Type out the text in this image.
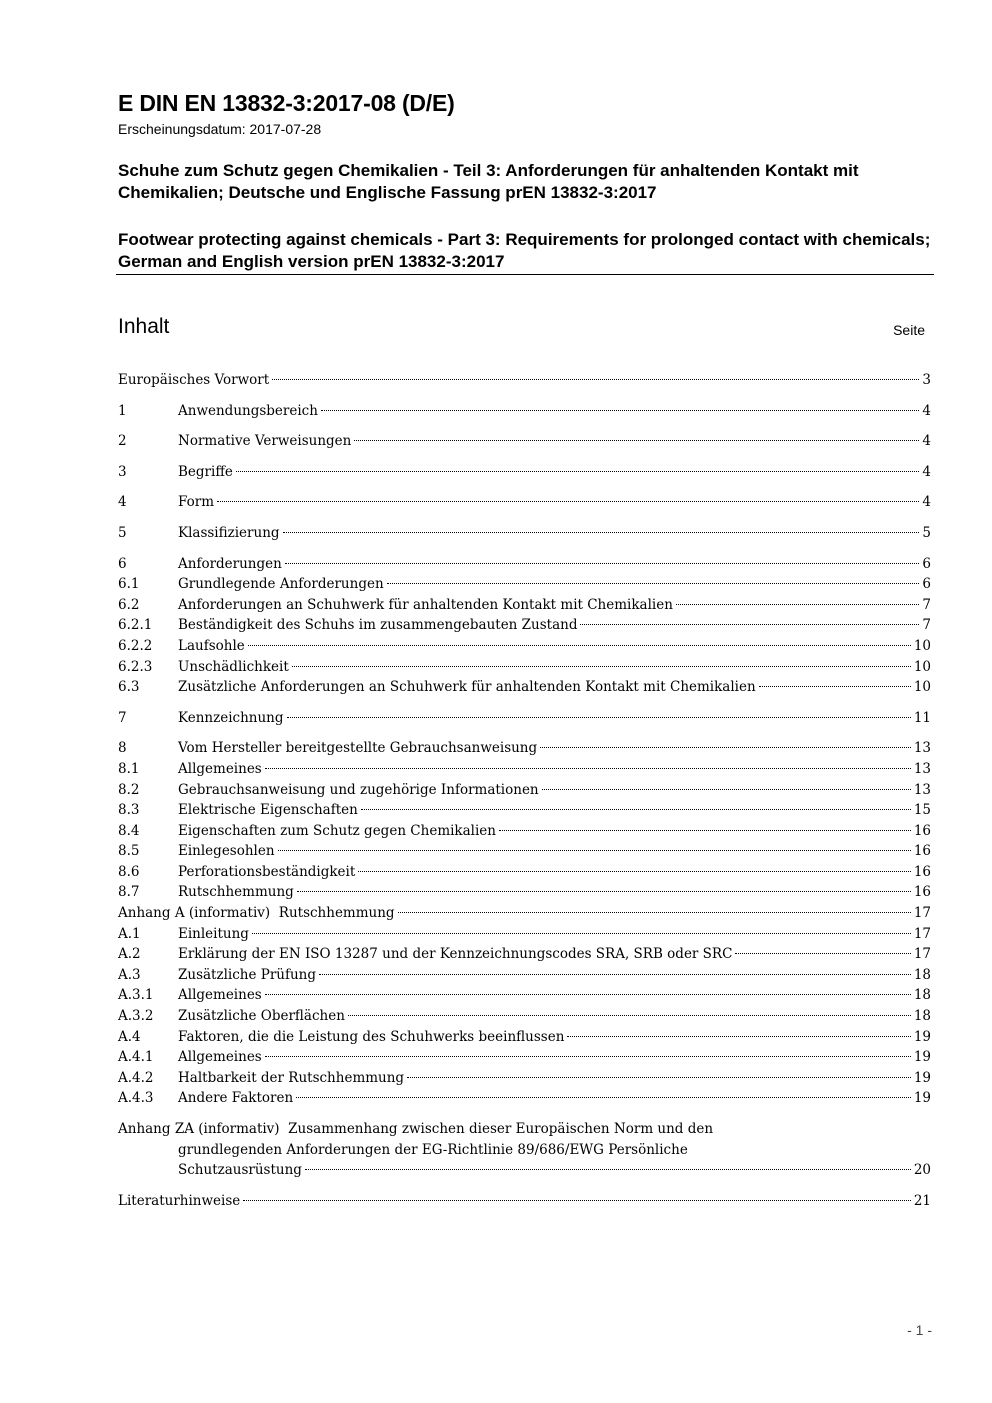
E DIN EN 13832-3:2017-08 (D/E)
Erscheinungsdatum: 2017-07-28
Schuhe zum Schutz gegen Chemikalien - Teil 3: Anforderungen für anhaltenden Kontakt mit Chemikalien; Deutsche und Englische Fassung prEN 13832-3:2017
Footwear protecting against chemicals - Part 3: Requirements for prolonged contact with chemicals; German and English version prEN 13832-3:2017
Inhalt	Seite
Europäisches Vorwort	3
1	Anwendungsbereich	4
2	Normative Verweisungen	4
3	Begriffe	4
4	Form	4
5	Klassifizierung	5
6	Anforderungen	6
6.1	Grundlegende Anforderungen	6
6.2	Anforderungen an Schuhwerk für anhaltenden Kontakt mit Chemikalien	7
6.2.1	Beständigkeit des Schuhs im zusammengebauten Zustand	7
6.2.2	Laufsohle	10
6.2.3	Unschädlichkeit	10
6.3	Zusätzliche Anforderungen an Schuhwerk für anhaltenden Kontakt mit Chemikalien	10
7	Kennzeichnung	11
8	Vom Hersteller bereitgestellte Gebrauchsanweisung	13
8.1	Allgemeines	13
8.2	Gebrauchsanweisung und zugehörige Informationen	13
8.3	Elektrische Eigenschaften	15
8.4	Eigenschaften zum Schutz gegen Chemikalien	16
8.5	Einlegesohlen	16
8.6	Perforationsbeständigkeit	16
8.7	Rutschhemmung	16
Anhang A (informativ)  Rutschhemmung	17
A.1	Einleitung	17
A.2	Erklärung der EN ISO 13287 und der Kennzeichnungscodes SRA, SRB oder SRC	17
A.3	Zusätzliche Prüfung	18
A.3.1	Allgemeines	18
A.3.2	Zusätzliche Oberflächen	18
A.4	Faktoren, die die Leistung des Schuhwerks beeinflussen	19
A.4.1	Allgemeines	19
A.4.2	Haltbarkeit der Rutschhemmung	19
A.4.3	Andere Faktoren	19
Anhang ZA (informativ)  Zusammenhang zwischen dieser Europäischen Norm und den
grundlegenden Anforderungen der EG-Richtlinie 89/686/EWG Persönliche
Schutzausrüstung	20
Literaturhinweise	21
- 1 -
